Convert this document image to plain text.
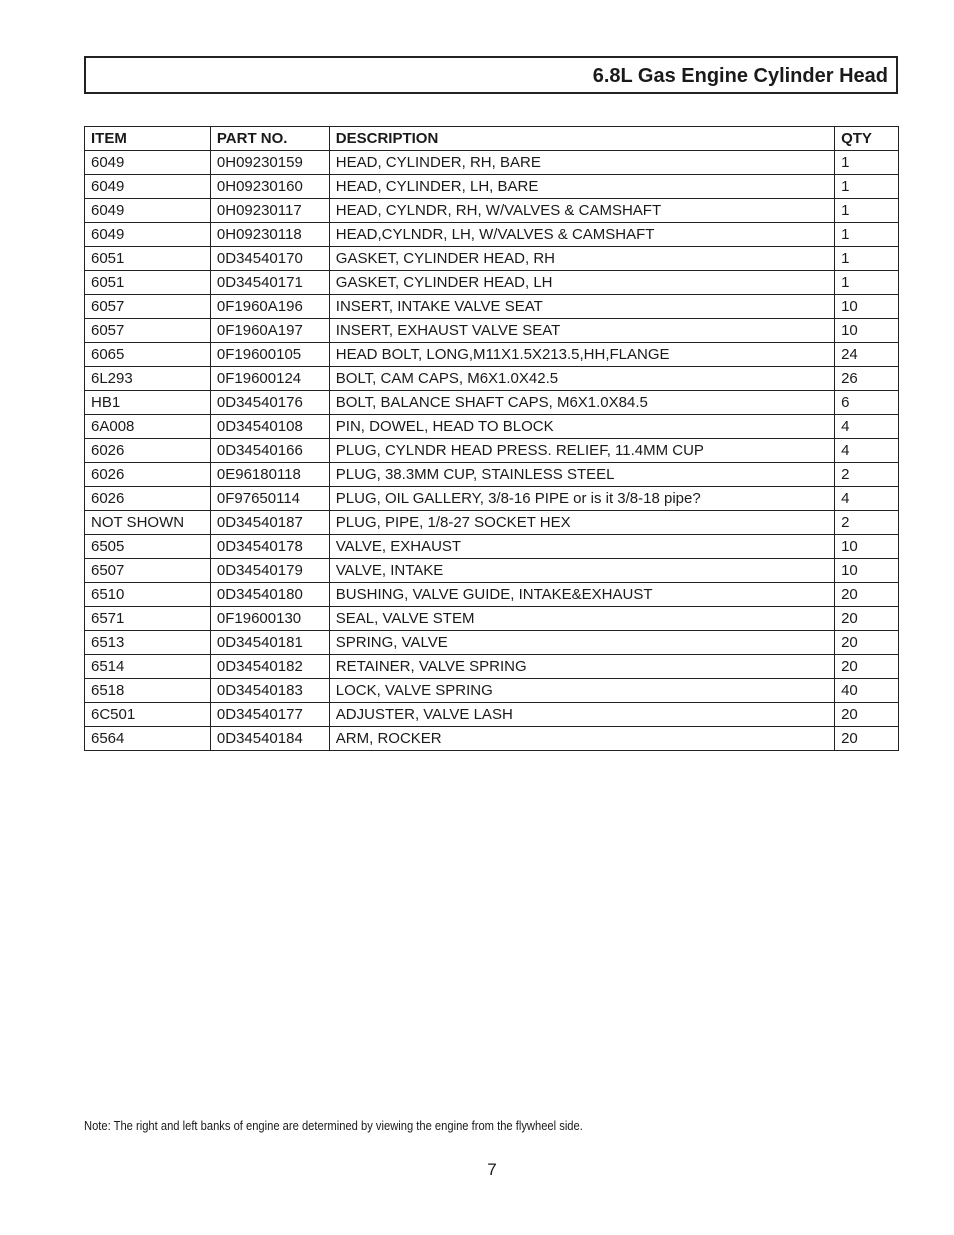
6.8L Gas Engine Cylinder Head
ITEM	PART NO.	DESCRIPTION	QTY
6049	0H09230159	HEAD, CYLINDER, RH, BARE	1
6049	0H09230160	HEAD, CYLINDER, LH, BARE	1
6049	0H09230117	HEAD, CYLNDR, RH, W/VALVES & CAMSHAFT	1
6049	0H09230118	HEAD,CYLNDR, LH, W/VALVES & CAMSHAFT	1
6051	0D34540170	GASKET, CYLINDER HEAD, RH	1
6051	0D34540171	GASKET, CYLINDER HEAD, LH	1
6057	0F1960A196	INSERT, INTAKE VALVE SEAT	10
6057	0F1960A197	INSERT, EXHAUST VALVE SEAT	10
6065	0F19600105	HEAD BOLT, LONG,M11X1.5X213.5,HH,FLANGE	24
6L293	0F19600124	BOLT, CAM CAPS, M6X1.0X42.5	26
HB1	0D34540176	BOLT, BALANCE SHAFT CAPS, M6X1.0X84.5	6
6A008	0D34540108	PIN, DOWEL, HEAD TO BLOCK	4
6026	0D34540166	PLUG, CYLNDR HEAD PRESS. RELIEF, 11.4MM CUP	4
6026	0E96180118	PLUG, 38.3MM CUP, STAINLESS STEEL	2
6026	0F97650114	PLUG, OIL GALLERY, 3/8-16 PIPE or is it 3/8-18 pipe?	4
NOT SHOWN	0D34540187	PLUG, PIPE, 1/8-27 SOCKET HEX	2
6505	0D34540178	VALVE, EXHAUST	10
6507	0D34540179	VALVE, INTAKE	10
6510	0D34540180	BUSHING, VALVE GUIDE, INTAKE&EXHAUST	20
6571	0F19600130	SEAL, VALVE STEM	20
6513	0D34540181	SPRING, VALVE	20
6514	0D34540182	RETAINER, VALVE SPRING	20
6518	0D34540183	LOCK, VALVE SPRING	40
6C501	0D34540177	ADJUSTER, VALVE LASH	20
6564	0D34540184	ARM, ROCKER	20
Note: The right and left banks of engine are determined by viewing the engine from the flywheel side.
7
